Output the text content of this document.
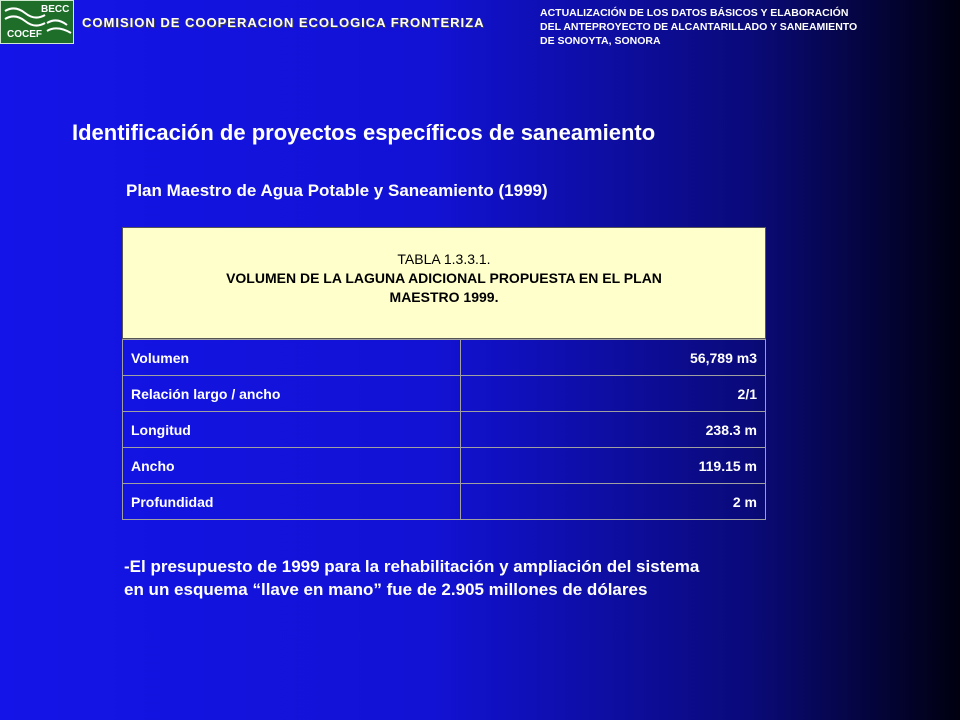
BECC
COCEF
COMISION DE COOPERACION ECOLOGICA FRONTERIZA
ACTUALIZACIÓN DE LOS DATOS BÁSICOS Y ELABORACIÓN
DEL ANTEPROYECTO DE ALCANTARILLADO Y SANEAMIENTO
DE SONOYTA, SONORA
Identificación de proyectos específicos de saneamiento
Plan Maestro de Agua Potable y Saneamiento (1999)
TABLA 1.3.3.1.
VOLUMEN DE LA LAGUNA ADICIONAL PROPUESTA EN EL PLAN
MAESTRO 1999.
Volumen	56,789 m3
Relación largo / ancho	2/1
Longitud	238.3 m
Ancho	119.15 m
Profundidad	2 m
-El presupuesto de 1999 para la rehabilitación y ampliación del sistema
en un esquema “llave en mano” fue de 2.905 millones de dólares
